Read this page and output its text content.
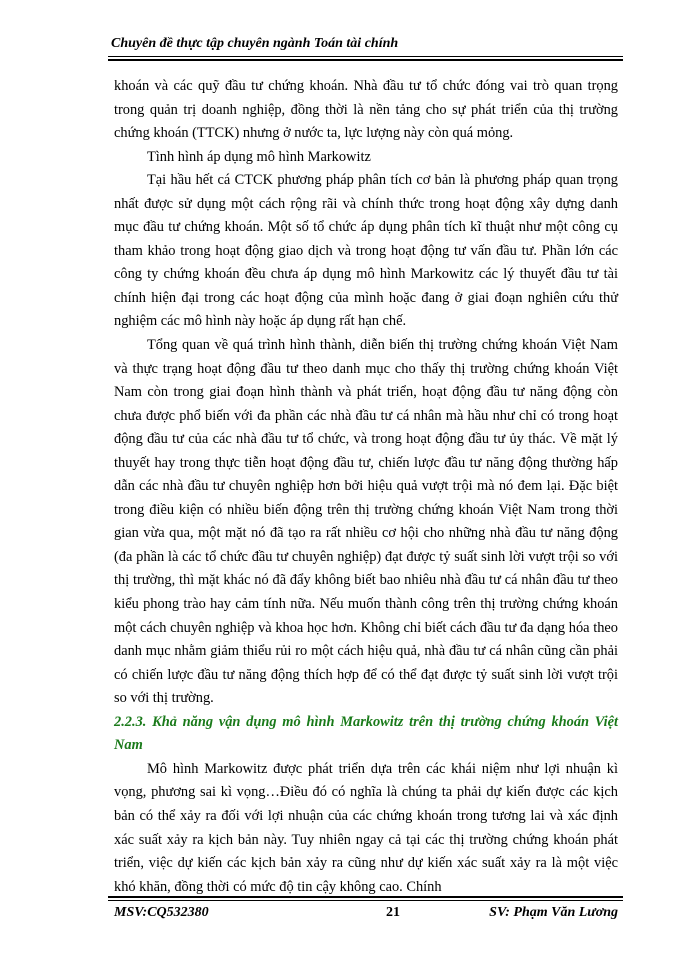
Chuyên đề thực tập chuyên ngành Toán tài chính

khoán và các quỹ đầu tư chứng khoán. Nhà đầu tư tổ chức đóng vai trò quan trọng trong quản trị doanh nghiệp, đồng thời là nền tảng cho sự phát triển của thị trường chứng khoán (TTCK) nhưng ở nước ta, lực lượng này còn quá mỏng.

Tình hình áp dụng mô hình Markowitz

Tại hầu hết cá CTCK phương pháp phân tích cơ bản là phương pháp quan trọng nhất được sử dụng một cách rộng rãi và chính thức trong hoạt động xây dựng danh mục đầu tư chứng khoán. Một số tổ chức áp dụng phân tích kĩ thuật như một công cụ tham khảo trong hoạt động giao dịch và trong hoạt động tư vấn đầu tư. Phần lớn các công ty chứng khoán đều chưa áp dụng mô hình Markowitz các lý thuyết đầu tư tài chính hiện đại trong các hoạt động của mình hoặc đang ở giai đoạn nghiên cứu thử nghiệm các mô hình này hoặc áp dụng rất hạn chế.

Tổng quan về quá trình hình thành, diễn biến thị trường chứng khoán Việt Nam và thực trạng hoạt động đầu tư theo danh mục cho thấy thị trường chứng khoán Việt Nam còn trong giai đoạn hình thành và phát triển, hoạt động đầu tư năng động còn chưa được phổ biến với đa phần các nhà đầu tư cá nhân mà hầu như chỉ có trong hoạt động đầu tư của các nhà đầu tư tổ chức, và trong hoạt động đầu tư ủy thác. Về mặt lý thuyết hay trong thực tiễn hoạt động đầu tư, chiến lược đầu tư năng động thường hấp dẫn các nhà đầu tư chuyên nghiệp hơn bởi hiệu quả vượt trội mà nó đem lại. Đặc biệt trong điều kiện có nhiều biến động trên thị trường chứng khoán Việt Nam trong thời gian vừa qua, một mặt nó đã tạo ra rất nhiều cơ hội cho những nhà đầu tư năng động (đa phần là các tổ chức đầu tư chuyên nghiệp) đạt được tỷ suất sinh lời vượt trội so với thị trường, thì mặt khác nó đã đẩy không biết bao nhiêu nhà đầu tư cá nhân đầu tư theo kiểu phong trào hay cảm tính nữa. Nếu muốn thành công trên thị trường chứng khoán một cách chuyên nghiệp và khoa học hơn. Không chỉ biết cách đầu tư đa dạng hóa theo danh mục nhằm giảm thiểu rủi ro một cách hiệu quả, nhà đầu tư cá nhân cũng cần phải có chiến lược đầu tư năng động thích hợp để có thể đạt được tỷ suất sinh lời vượt trội so với thị trường.

2.2.3. Khả năng vận dụng mô hình Markowitz trên thị trường chứng khoán Việt Nam

Mô hình Markowitz được phát triển dựa trên các khái niệm như lợi nhuận kì vọng, phương sai kì vọng…Điều đó có nghĩa là chúng ta phải dự kiến được các kịch bản có thể xảy ra đối với lợi nhuận của các chứng khoán trong tương lai và xác định xác suất xảy ra kịch bản này. Tuy nhiên ngay cả tại các thị trường chứng khoán phát triển, việc dự kiến các kịch bản xảy ra cũng như dự kiến xác suất xảy ra là một việc khó khăn, đồng thời có mức độ tin cậy không cao. Chính

MSV:CQ532380	21	SV: Phạm Văn Lương
